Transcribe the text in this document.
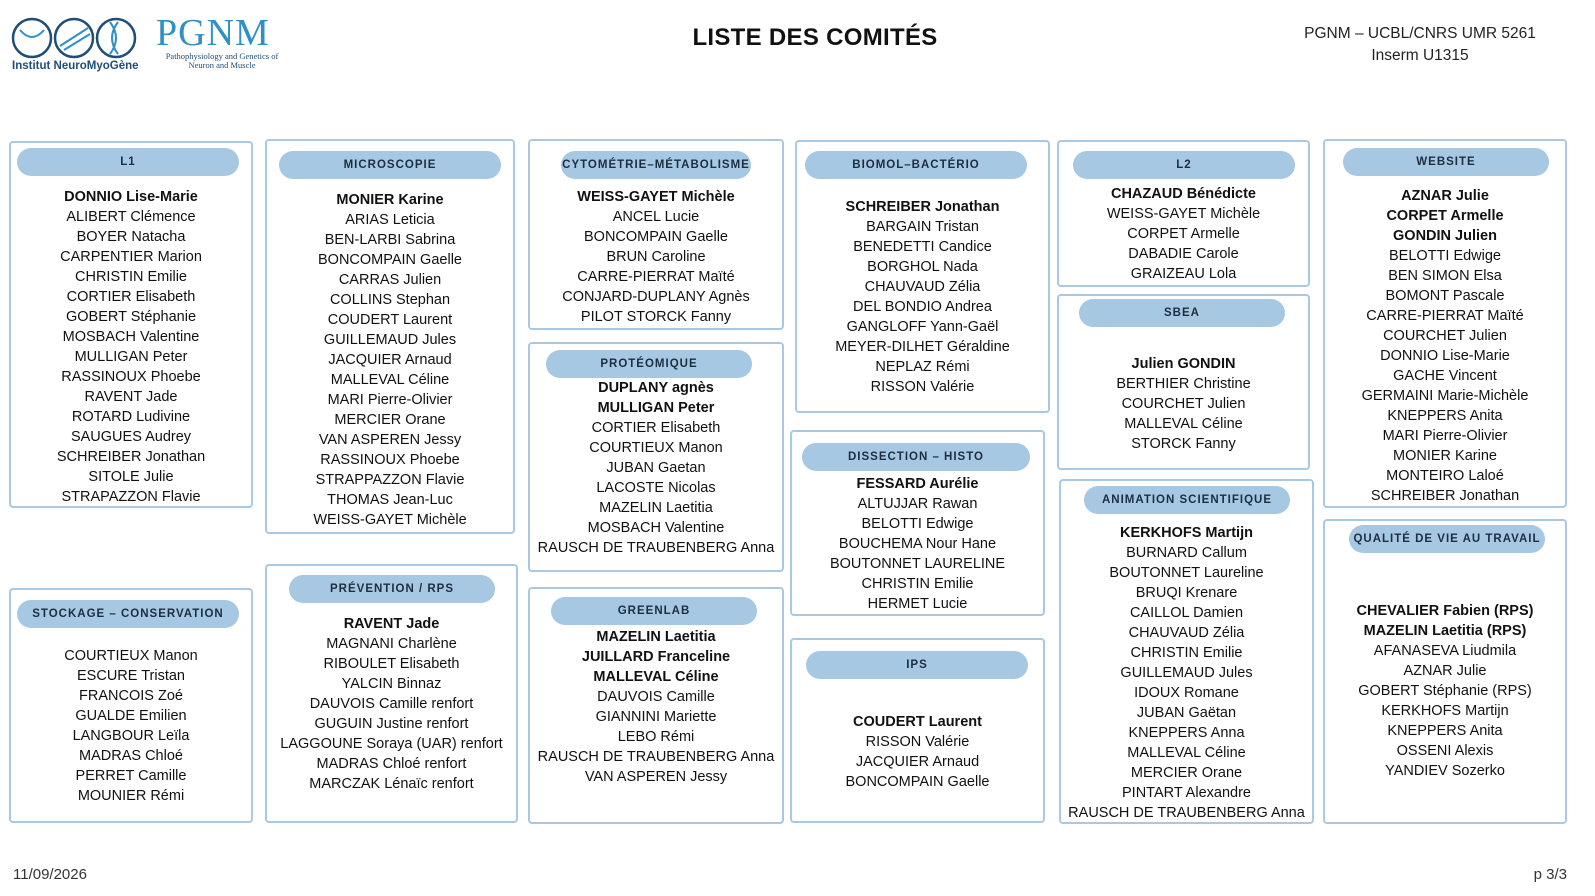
Institut NeuroMyoGène
PGNM
Pathophysiology and Genetics of Neuron and Muscle
LISTE DES COMITÉS	PGNM – UCBL/CNRS UMR 5261
Inserm U1315
L1
DONNIO Lise-Marie
ALIBERT Clémence
BOYER Natacha
CARPENTIER Marion
CHRISTIN Emilie
CORTIER Elisabeth
GOBERT Stéphanie
MOSBACH Valentine
MULLIGAN Peter
RASSINOUX Phoebe
RAVENT Jade
ROTARD Ludivine
SAUGUES Audrey
SCHREIBER Jonathan
SITOLE Julie
STRAPAZZON Flavie
STOCKAGE – CONSERVATION
COURTIEUX Manon
ESCURE Tristan
FRANCOIS Zoé
GUALDE Emilien
LANGBOUR Leïla
MADRAS Chloé
PERRET Camille
MOUNIER Rémi
MICROSCOPIE
MONIER Karine
ARIAS Leticia
BEN-LARBI Sabrina
BONCOMPAIN Gaelle
CARRAS Julien
COLLINS Stephan
COUDERT Laurent
GUILLEMAUD Jules
JACQUIER Arnaud
MALLEVAL Céline
MARI Pierre-Olivier
MERCIER Orane
VAN ASPEREN Jessy
RASSINOUX Phoebe
STRAPPAZZON Flavie
THOMAS Jean-Luc
WEISS-GAYET Michèle
PRÉVENTION / RPS
RAVENT Jade
MAGNANI Charlène
RIBOULET Elisabeth
YALCIN Binnaz
DAUVOIS Camille renfort
GUGUIN Justine renfort
LAGGOUNE Soraya (UAR) renfort
MADRAS Chloé renfort
MARCZAK Lénaïc renfort
CYTOMÉTRIE–MÉTABOLISME
WEISS-GAYET Michèle
ANCEL Lucie
BONCOMPAIN Gaelle
BRUN Caroline
CARRE-PIERRAT Maïté
CONJARD-DUPLANY Agnès
PILOT STORCK Fanny
PROTÉOMIQUE
DUPLANY agnès
MULLIGAN Peter
CORTIER Elisabeth
COURTIEUX Manon
JUBAN Gaetan
LACOSTE Nicolas
MAZELIN Laetitia
MOSBACH Valentine
RAUSCH DE TRAUBENBERG Anna
GREENLAB
MAZELIN Laetitia
JUILLARD Franceline
MALLEVAL Céline
DAUVOIS Camille
GIANNINI Mariette
LEBO Rémi
RAUSCH DE TRAUBENBERG Anna
VAN ASPEREN Jessy
BIOMOL–BACTÉRIO
SCHREIBER Jonathan
BARGAIN Tristan
BENEDETTI Candice
BORGHOL Nada
CHAUVAUD Zélia
DEL BONDIO Andrea
GANGLOFF Yann-Gaël
MEYER-DILHET Géraldine
NEPLAZ Rémi
RISSON Valérie
DISSECTION – HISTO
FESSARD Aurélie
ALTUJJAR Rawan
BELOTTI Edwige
BOUCHEMA Nour Hane
BOUTONNET LAURELINE
CHRISTIN Emilie
HERMET Lucie
IPS
COUDERT Laurent
RISSON Valérie
JACQUIER Arnaud
BONCOMPAIN Gaelle
L2
CHAZAUD Bénédicte
WEISS-GAYET Michèle
CORPET Armelle
DABADIE Carole
GRAIZEAU Lola
SBEA
Julien GONDIN
BERTHIER Christine
COURCHET Julien
MALLEVAL Céline
STORCK Fanny
ANIMATION SCIENTIFIQUE
KERKHOFS Martijn
BURNARD Callum
BOUTONNET Laureline
BRUQI Krenare
CAILLOL Damien
CHAUVAUD Zélia
CHRISTIN Emilie
GUILLEMAUD Jules
IDOUX Romane
JUBAN Gaëtan
KNEPPERS Anna
MALLEVAL Céline
MERCIER Orane
PINTART Alexandre
RAUSCH DE TRAUBENBERG Anna
WEBSITE
AZNAR Julie
CORPET Armelle
GONDIN Julien
BELOTTI Edwige
BEN SIMON Elsa
BOMONT Pascale
CARRE-PIERRAT Maïté
COURCHET Julien
DONNIO Lise-Marie
GACHE Vincent
GERMAINI Marie-Michèle
KNEPPERS Anita
MARI Pierre-Olivier
MONIER Karine
MONTEIRO Laloé
SCHREIBER Jonathan
QUALITÉ DE VIE AU TRAVAIL
CHEVALIER Fabien (RPS)
MAZELIN Laetitia (RPS)
AFANASEVA Liudmila
AZNAR Julie
GOBERT Stéphanie (RPS)
KERKHOFS Martijn
KNEPPERS Anita
OSSENI Alexis
YANDIEV Sozerko
11/09/2026	p 3/3
